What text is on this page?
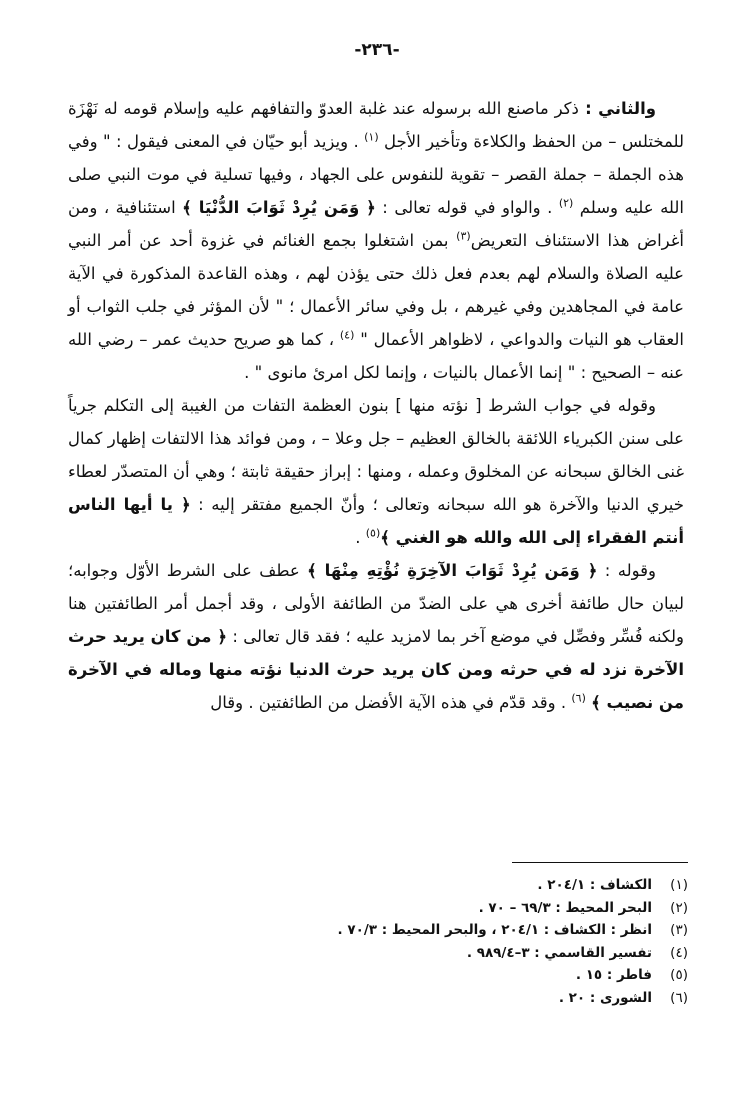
-٢٣٦-

والثاني : ذكر ماصنع الله برسوله عند غلبة العدوّ والتفافهم عليه وإسلام قومه له نَهْزَة للمختلس – من الحفظ والكلاءة وتأخير الأجل $^{(١)}$ . ويزيد أبو حيّان في المعنى فيقول : " وفي هذه الجملة – جملة القصر – تقوية للنفوس على الجهاد ، وفيها تسلية في موت النبي صلى الله عليه وسلم $^{(٢)}$ . والواو في قوله تعالى : ﴿ وَمَن يُرِدْ ثَوَابَ الدُّنْيَا ﴾ استئنافية ، ومن أغراض هذا الاستئناف التعريض$^{(٣)}$ بمن اشتغلوا بجمع الغنائم في غزوة أحد عن أمر النبي عليه الصلاة والسلام لهم بعدم فعل ذلك حتى يؤذن لهم ، وهذه القاعدة المذكورة في الآية عامة في المجاهدين وفي غيرهم ، بل وفي سائر الأعمال ؛ " لأن المؤثر في جلب الثواب أو العقاب هو النيات والدواعي ، لاظواهر الأعمال " $^{(٤)}$ ، كما هو صريح حديث عمر – رضي الله عنه – الصحيح : " إنما الأعمال بالنيات ، وإنما لكل امرئ مانوى " .

وقوله في جواب الشرط [ نؤته منها ] بنون العظمة التفات من الغيبة إلى التكلم جرياً على سنن الكبرياء اللائقة بالخالق العظيم – جل وعلا – ، ومن فوائد هذا الالتفات إظهار كمال غنى الخالق سبحانه عن المخلوق وعمله ، ومنها : إبراز حقيقة ثابتة ؛ وهي أن المتصدّر لعطاء خيري الدنيا والآخرة هو الله سبحانه وتعالى ؛ وأنّ الجميع مفتقر إليه : ﴿ يا أيها الناس أنتم الفقراء إلى الله والله هو الغني ﴾$^{(٥)}$ .

وقوله : ﴿ وَمَن يُرِدْ ثَوَابَ الآخِرَةِ نُؤْتِهِ مِنْهَا ﴾ عطف على الشرط الأوّل وجوابه؛ لبيان حال طائفة أخرى هي على الضدّ من الطائفة الأولى ، وقد أجمل أمر الطائفتين هنا ولكنه فُسِّر وفصِّل في موضع آخر بما لامزيد عليه ؛ فقد قال تعالى : ﴿ من كان يريد حرث الآخرة نزد له في حرثه ومن كان يريد حرث الدنيا نؤته منها وماله في الآخرة من نصيب ﴾ $^{(٦)}$ . وقد قدّم في هذه الآية الأفضل من الطائفتين . وقال

(١)
الكشاف : ٢٠٤/١ .
(٢)
البحر المحيط : ٦٩/٣ – ٧٠ .
(٣)
انظر : الكشاف : ٢٠٤/١ ، والبحر المحيط : ٧٠/٣ .
(٤)
تفسير القاسمي : ٣–٩٨٩/٤ .
(٥)
فاطر : ١٥ .
(٦)
الشورى : ٢٠ .
